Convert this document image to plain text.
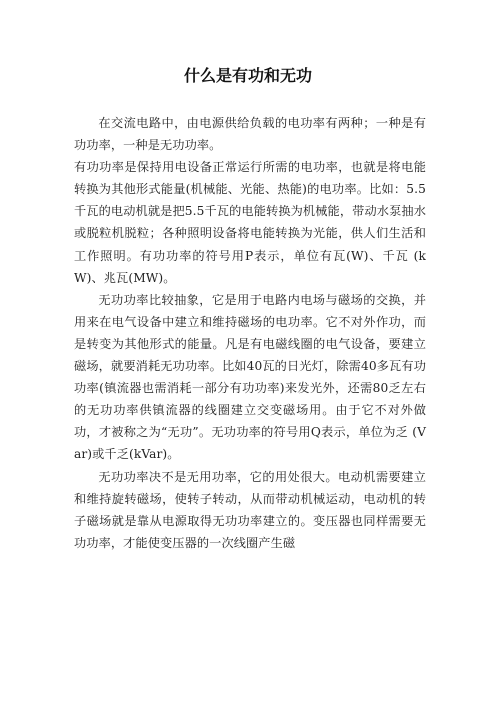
什么是有功和无功

在交流电路中，由电源供给负载的电功率有两种；一种是有功功率，一种是无功功率。

有功功率是保持用电设备正常运行所需的电功率，也就是将电能转换为其他形式能量(机械能、光能、热能)的电功率。比如：5.5千瓦的电动机就是把5.5千瓦的电能转换为机械能，带动水泵抽水或脱粒机脱粒；各种照明设备将电能转换为光能，供人们生活和工作照明。有功功率的符号用P表示，单位有瓦(W)、千瓦 (kW)、兆瓦(MW)。

无功功率比较抽象，它是用于电路内电场与磁场的交换，并用来在电气设备中建立和维持磁场的电功率。它不对外作功，而是转变为其他形式的能量。凡是有电磁线圈的电气设备，要建立磁场，就要消耗无功功率。比如40瓦的日光灯，除需40多瓦有功功率(镇流器也需消耗一部分有功功率)来发光外，还需80乏左右的无功功率供镇流器的线圈建立交变磁场用。由于它不对外做功，才被称之为“无功”。无功功率的符号用Q表示，单位为乏 (Var)或千乏(kVar)。

无功功率决不是无用功率，它的用处很大。电动机需要建立和维持旋转磁场，使转子转动，从而带动机械运动，电动机的转子磁场就是靠从电源取得无功功率建立的。变压器也同样需要无功功率，才能使变压器的一次线圈产生磁
